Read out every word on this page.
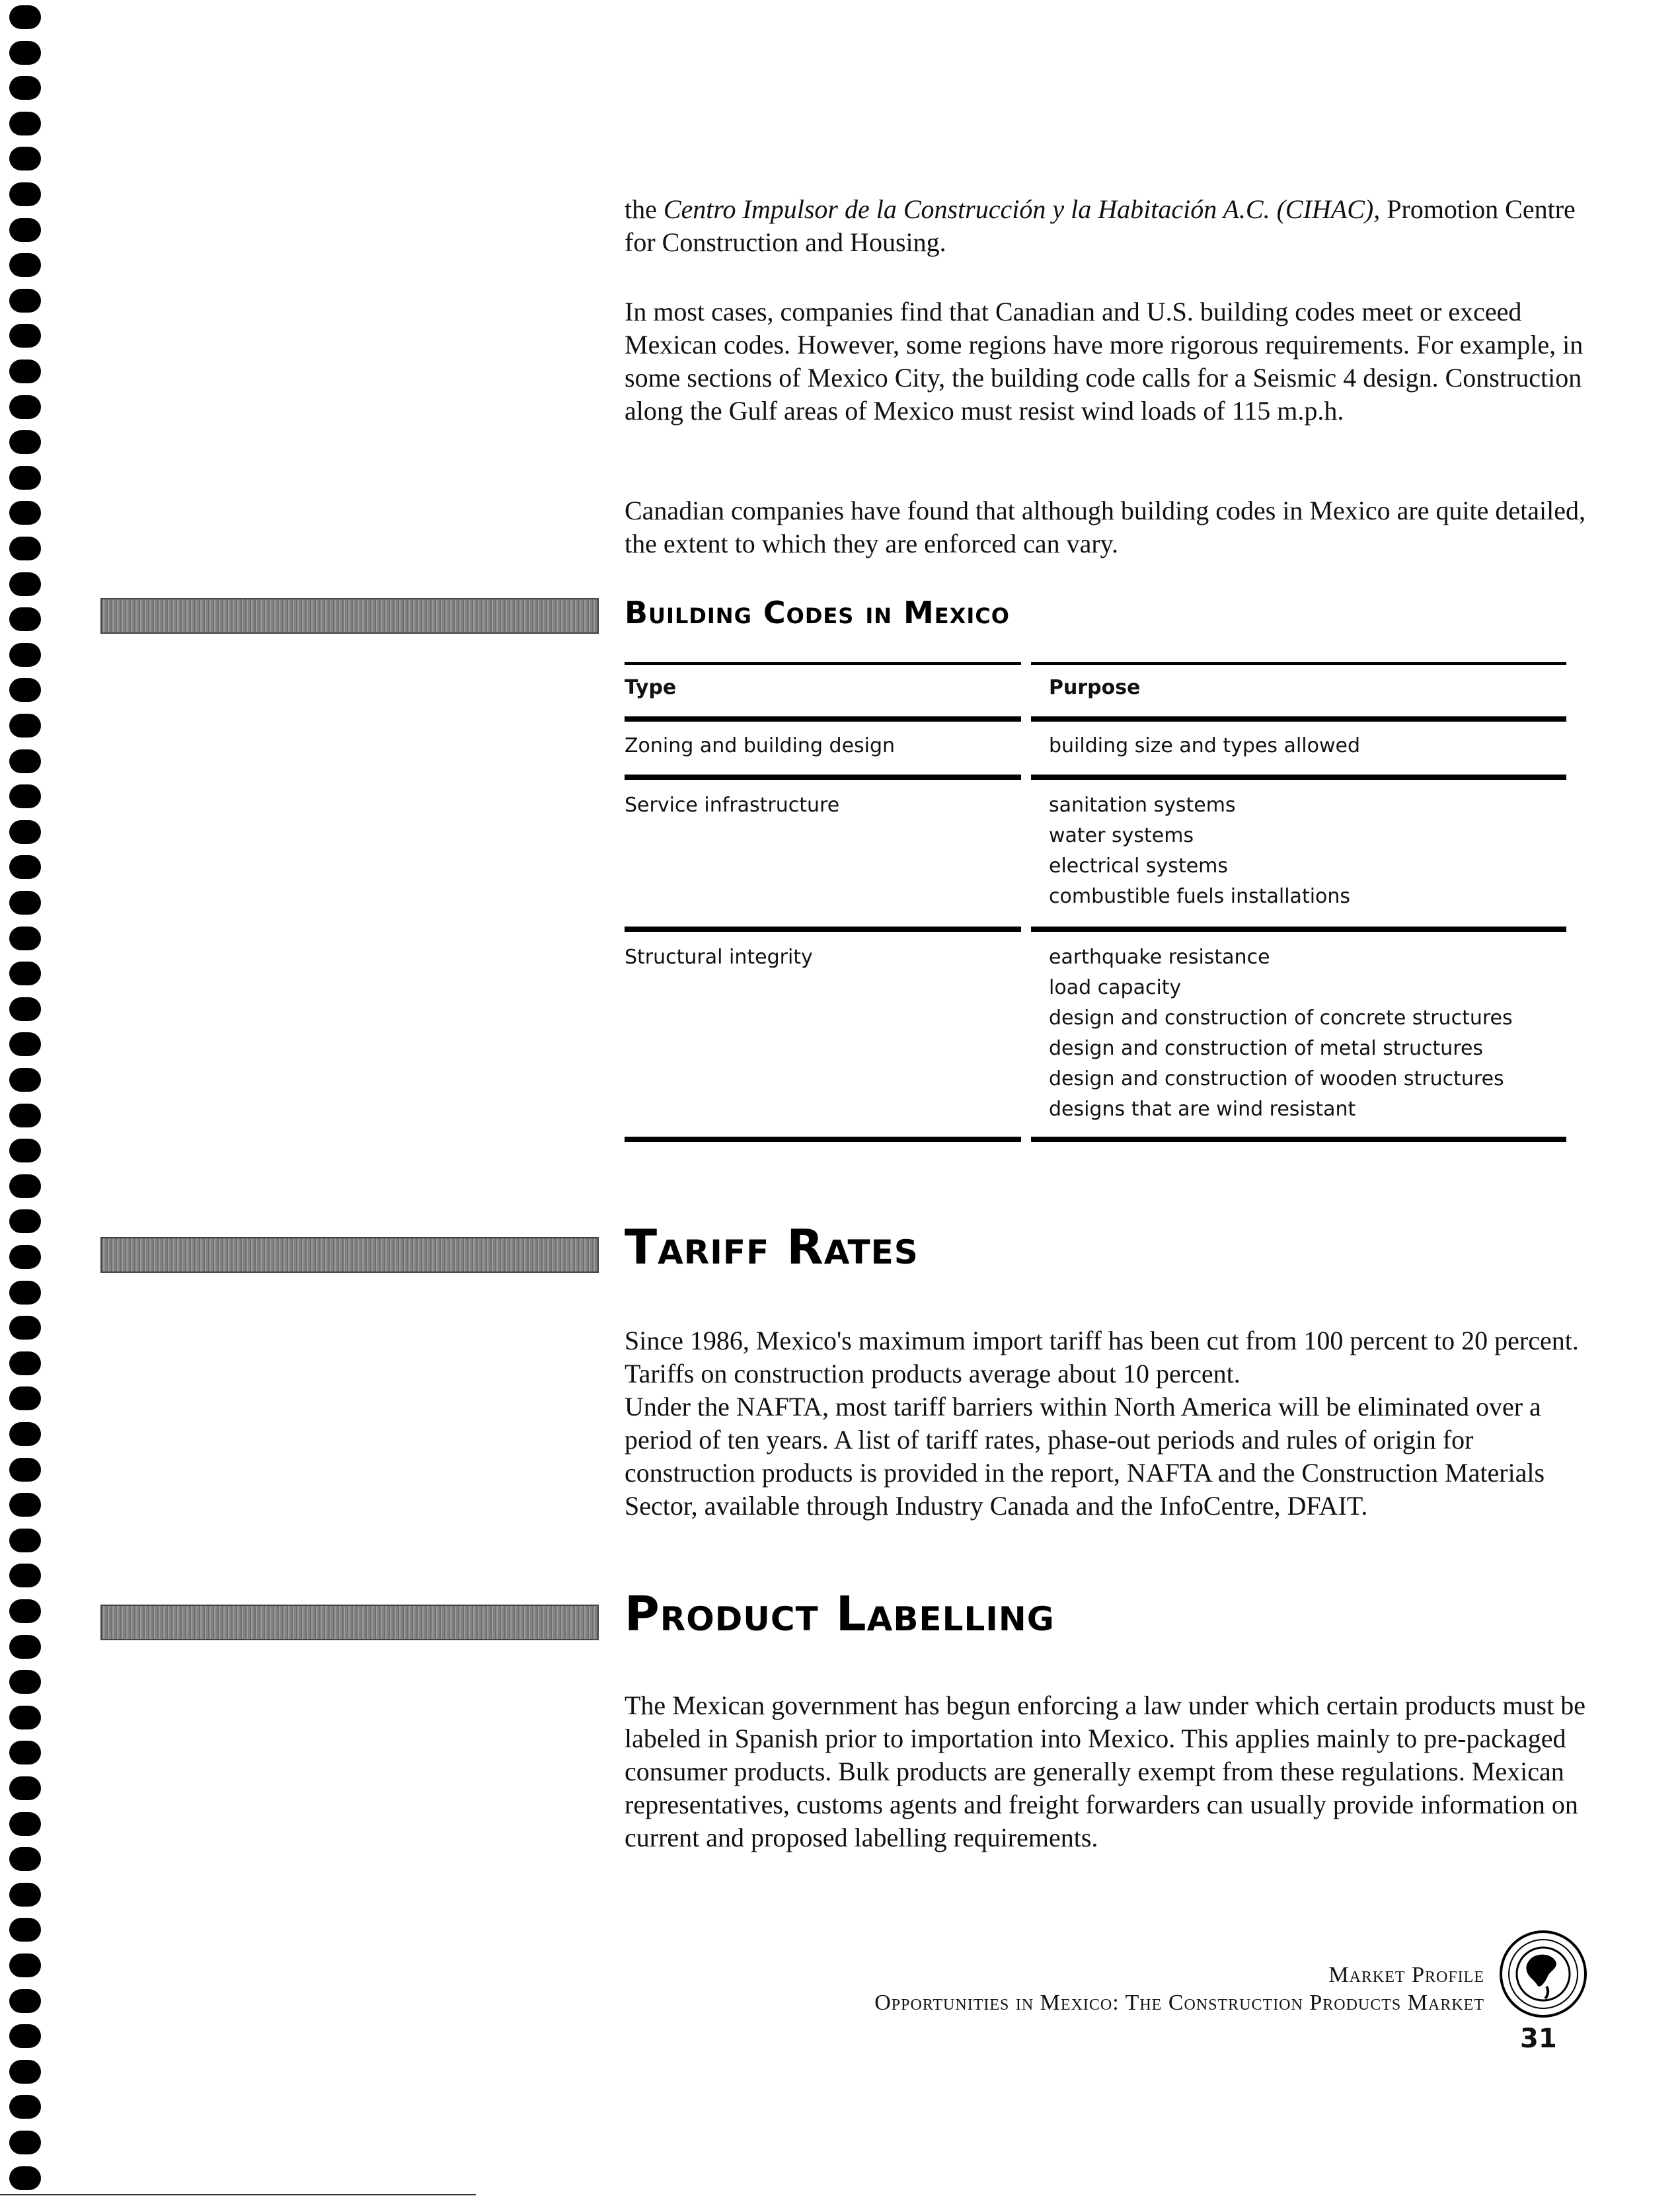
the Centro Impulsor de la Construcción y la Habitación A.C. (CIHAC), Promotion Centre for Construction and Housing.

In most cases, companies find that Canadian and U.S. building codes meet or exceed Mexican codes. However, some regions have more rigorous requirements. For example, in some sections of Mexico City, the building code calls for a Seismic 4 design. Construction along the Gulf areas of Mexico must resist wind loads of 115 m.p.h.

Canadian companies have found that although building codes in Mexico are quite detailed, the extent to which they are enforced can vary.

Building Codes in Mexico
Type	Purpose
Zoning and building design	building size and types allowed
Service infrastructure	sanitation systems
water systems
electrical systems
combustible fuels installations
Structural integrity	earthquake resistance
load capacity
design and construction of concrete structures
design and construction of metal structures
design and construction of wooden structures
designs that are wind resistant
Tariff Rates

Since 1986, Mexico's maximum import tariff has been cut from 100 percent to 20 percent. Tariffs on construction products average about 10 percent.

Under the NAFTA, most tariff barriers within North America will be eliminated over a period of ten years. A list of tariff rates, phase-out periods and rules of origin for construction products is provided in the report, NAFTA and the Construction Materials Sector, available through Industry Canada and the InfoCentre, DFAIT.

Product Labelling

The Mexican government has begun enforcing a law under which certain products must be labeled in Spanish prior to importation into Mexico. This applies mainly to pre-packaged consumer products. Bulk products are generally exempt from these regulations. Mexican representatives, customs agents and freight forwarders can usually provide information on current and proposed labelling requirements.

Market Profile
Opportunities in Mexico: The Construction Products Market
31
